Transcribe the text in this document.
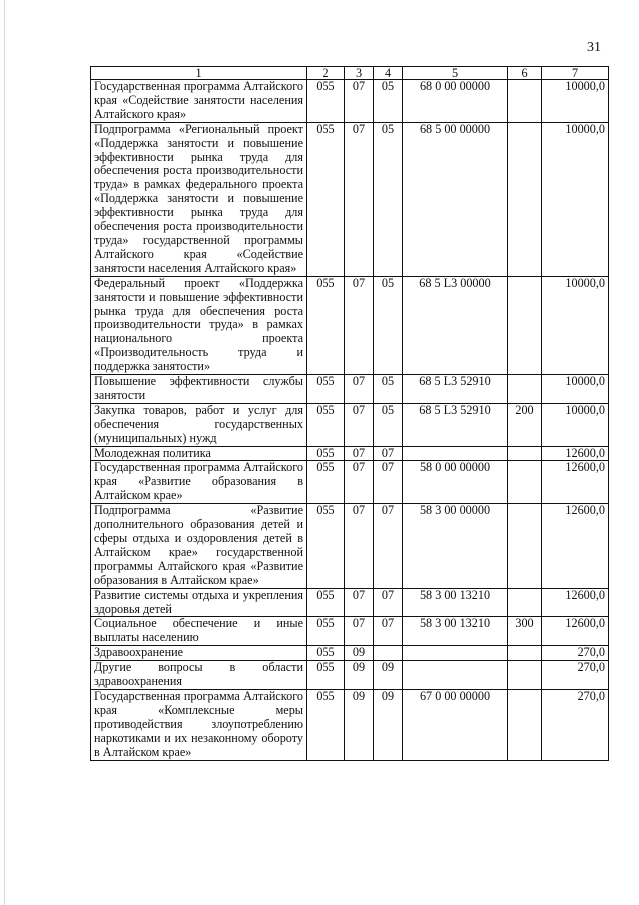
31
1	2	3	4	5	6	7
Государственная программа Алтайского края «Содействие занятости населения Алтайского края»	055	07	05	68 0 00 00000		10000,0
Подпрограмма «Региональный проект «Поддержка занятости и повышение эффективности рынка труда для обеспечения роста производительности труда» в рамках федерального проекта «Поддержка занятости и повышение эффективности рынка труда для обеспечения роста производительности труда» государственной программы Алтайского края «Содействие занятости населения Алтайского края»	055	07	05	68 5 00 00000		10000,0
Федеральный проект «Поддержка занятости и повышение эффективности рынка труда для обеспечения роста производительности труда» в рамках национального проекта «Производительность труда и поддержка занятости»	055	07	05	68 5 L3 00000		10000,0
Повышение эффективности службы занятости	055	07	05	68 5 L3 52910		10000,0
Закупка товаров, работ и услуг для обеспечения государственных (муниципальных) нужд	055	07	05	68 5 L3 52910	200	10000,0
Молодежная политика	055	07	07			12600,0
Государственная программа Алтайского края «Развитие образования в Алтайском крае»	055	07	07	58 0 00 00000		12600,0
Подпрограмма «Развитие дополнительного образования детей и сферы отдыха и оздоровления детей в Алтайском крае» государственной программы Алтайского края «Развитие образования в Алтайском крае»	055	07	07	58 3 00 00000		12600,0
Развитие системы отдыха и укрепления здоровья детей	055	07	07	58 3 00 13210		12600,0
Социальное обеспечение и иные выплаты населению	055	07	07	58 3 00 13210	300	12600,0
Здравоохранение	055	09				270,0
Другие вопросы в области здравоохранения	055	09	09			270,0
Государственная программа Алтайского края «Комплексные меры противодействия злоупотреблению наркотиками и их незаконному обороту в Алтайском крае»	055	09	09	67 0 00 00000		270,0
